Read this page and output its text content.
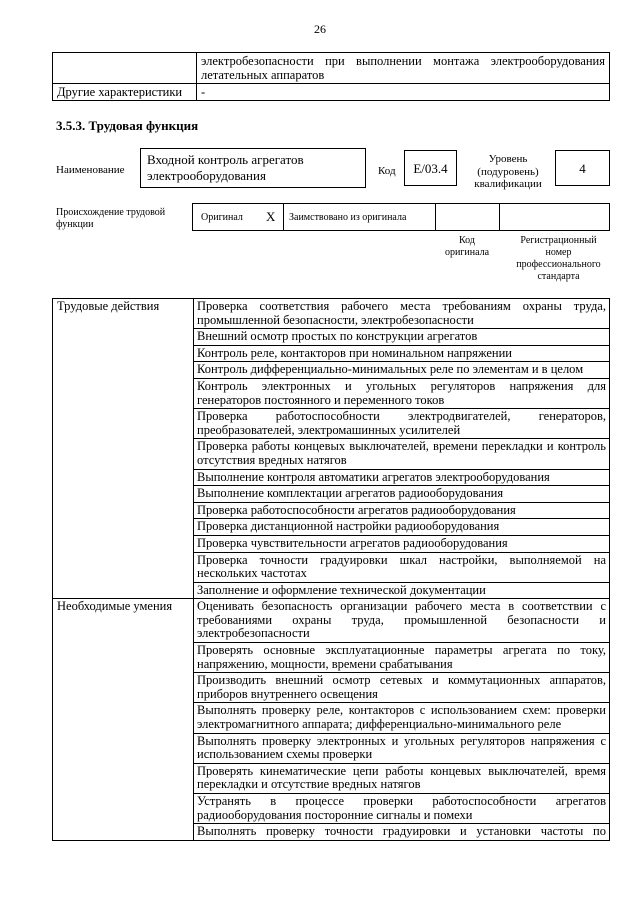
26
	электробезопасности при выполнении монтажа электрооборудования летательных аппаратов
Другие характеристики	-
3.5.3. Трудовая функция
Наименование
Входной контроль агрегатов электрооборудования	Код	E/03.4
Уровень (подуровень) квалификации
4
Происхождение трудовой функции
Оригинал X Заимствовано из оригинала
Код оригинала
Регистрационный номер профессионального стандарта
Трудовые действия	Проверка соответствия рабочего места требованиям охраны труда, промышленной безопасности, электробезопасности
	Внешний осмотр простых по конструкции агрегатов
	Контроль реле, контакторов при номинальном напряжении
	Контроль дифференциально-минимальных реле по элементам и в целом
	Контроль электронных и угольных регуляторов напряжения для генераторов постоянного и переменного токов
	Проверка работоспособности электродвигателей, генераторов, преобразователей, электромашинных усилителей
	Проверка работы концевых выключателей, времени перекладки и контроль отсутствия вредных натягов
	Выполнение контроля автоматики агрегатов электрооборудования
	Выполнение комплектации агрегатов радиооборудования
	Проверка работоспособности агрегатов радиооборудования
	Проверка дистанционной настройки радиооборудования
	Проверка чувствительности агрегатов радиооборудования
	Проверка точности градуировки шкал настройки, выполняемой на нескольких частотах
	Заполнение и оформление технической документации
Необходимые умения	Оценивать безопасность организации рабочего места в соответствии с требованиями охраны труда, промышленной безопасности и электробезопасности
	Проверять основные эксплуатационные параметры агрегата по току, напряжению, мощности, времени срабатывания
	Производить внешний осмотр сетевых и коммутационных аппаратов, приборов внутреннего освещения
	Выполнять проверку реле, контакторов с использованием схем: проверки электромагнитного аппарата; дифференциально-минимального реле
	Выполнять проверку электронных и угольных регуляторов напряжения с использованием схемы проверки
	Проверять кинематические цепи работы концевых выключателей, время перекладки и отсутствие вредных натягов
	Устранять в процессе проверки работоспособности агрегатов радиооборудования посторонние сигналы и помехи
	Выполнять проверку точности градуировки и установки частоты по
